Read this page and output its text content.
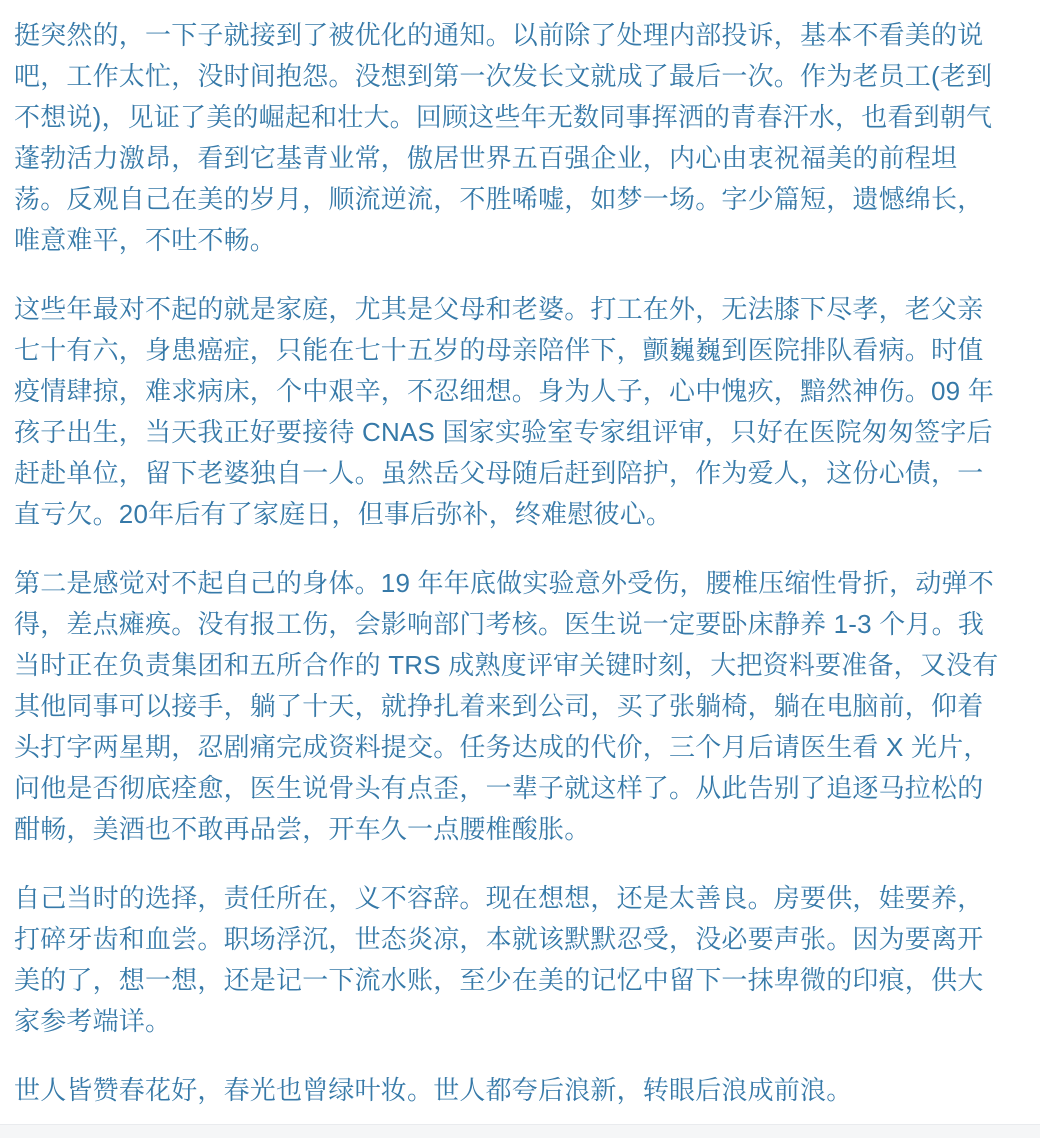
挺突然的，一下子就接到了被优化的通知。以前除了处理内部投诉，基本不看美的说
吧，工作太忙，没时间抱怨。没想到第一次发长文就成了最后一次。作为老员工(老到
不想说)，见证了美的崛起和壮大。回顾这些年无数同事挥洒的青春汗水，也看到朝气
蓬勃活力激昂，看到它基青业常，傲居世界五百强企业，内心由衷祝福美的前程坦
荡。反观自己在美的岁月，顺流逆流，不胜唏嘘，如梦一场。字少篇短，遗憾绵长，
唯意难平，不吐不畅。

这些年最对不起的就是家庭，尤其是父母和老婆。打工在外，无法膝下尽孝，老父亲
七十有六，身患癌症，只能在七十五岁的母亲陪伴下，颤巍巍到医院排队看病。时值
疫情肆掠，难求病床，个中艰辛，不忍细想。身为人子，心中愧疚，黯然神伤。09 年
孩子出生，当天我正好要接待 CNAS 国家实验室专家组评审，只好在医院匆匆签字后
赶赴单位，留下老婆独自一人。虽然岳父母随后赶到陪护，作为爱人，这份心债，一
直亏欠。20年后有了家庭日，但事后弥补，终难慰彼心。

第二是感觉对不起自己的身体。19 年年底做实验意外受伤，腰椎压缩性骨折，动弹不
得，差点瘫痪。没有报工伤，会影响部门考核。医生说一定要卧床静养 1-3 个月。我
当时正在负责集团和五所合作的 TRS 成熟度评审关键时刻，大把资料要准备，又没有
其他同事可以接手，躺了十天，就挣扎着来到公司，买了张躺椅，躺在电脑前，仰着
头打字两星期，忍剧痛完成资料提交。任务达成的代价，三个月后请医生看 X 光片，
问他是否彻底痊愈，医生说骨头有点歪，一辈子就这样了。从此告别了追逐马拉松的
酣畅，美酒也不敢再品尝，开车久一点腰椎酸胀。

自己当时的选择，责任所在，义不容辞。现在想想，还是太善良。房要供，娃要养，
打碎牙齿和血尝。职场浮沉，世态炎凉，本就该默默忍受，没必要声张。因为要离开
美的了，想一想，还是记一下流水账，至少在美的记忆中留下一抹卑微的印痕，供大
家参考端详。

世人皆赞春花好，春光也曾绿叶妆。世人都夸后浪新，转眼后浪成前浪。
